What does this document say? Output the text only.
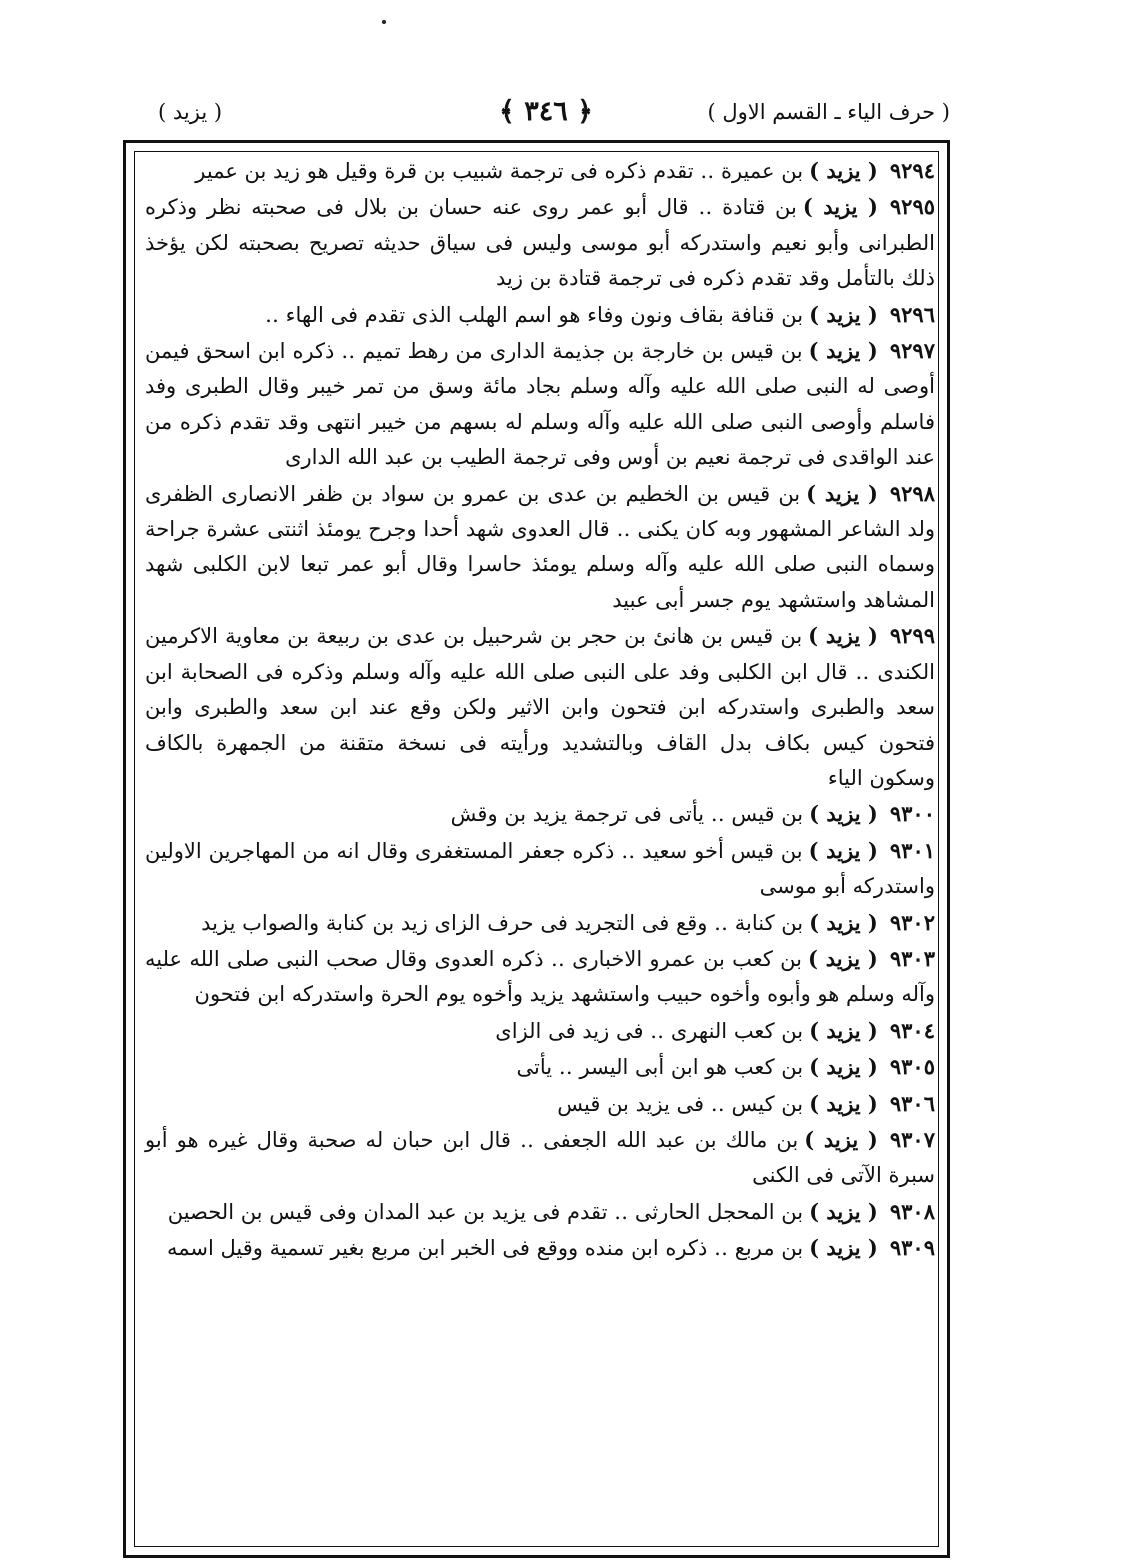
( حرف الياء ـ القسم الاول )
﴿ ٣٤٦ ﴾
( يزيد )

٩٢٩٤( يزيد )بن عميرة ‥ تقدم ذكره فى ترجمة شبيب بن قرة وقيل هو زيد بن عمير

٩٢٩٥( يزيد )بن قتادة ‥ قال أبو عمر روى عنه حسان بن بلال فى صحبته نظر وذكره الطبرانى وأبو نعيم واستدركه أبو موسى وليس فى سياق حديثه تصريح بصحبته لكن يؤخذ ذلك بالتأمل وقد تقدم ذكره فى ترجمة قتادة بن زيد

٩٢٩٦( يزيد )بن قنافة بقاف ونون وفاء هو اسم الهلب الذى تقدم فى الهاء ‥

٩٢٩٧( يزيد )بن قيس بن خارجة بن جذيمة الدارى من رهط تميم ‥ ذكره ابن اسحق فيمن أوصى له النبى صلى الله عليه وآله وسلم بجاد مائة وسق من تمر خيبر وقال الطبرى وفد فاسلم وأوصى النبى صلى الله عليه وآله وسلم له بسهم من خيبر انتهى وقد تقدم ذكره من عند الواقدى فى ترجمة نعيم بن أوس وفى ترجمة الطيب بن عبد الله الدارى

٩٢٩٨( يزيد )بن قيس بن الخطيم بن عدى بن عمرو بن سواد بن ظفر الانصارى الظفرى ولد الشاعر المشهور وبه كان يكنى ‥ قال العدوى شهد أحدا وجرح يومئذ اثنتى عشرة جراحة وسماه النبى صلى الله عليه وآله وسلم يومئذ حاسرا وقال أبو عمر تبعا لابن الكلبى شهد المشاهد واستشهد يوم جسر أبى عبيد

٩٢٩٩( يزيد )بن قيس بن هانئ بن حجر بن شرحبيل بن عدى بن ربيعة بن معاوية الاكرمين الكندى ‥ قال ابن الكلبى وفد على النبى صلى الله عليه وآله وسلم وذكره فى الصحابة ابن سعد والطبرى واستدركه ابن فتحون وابن الاثير ولكن وقع عند ابن سعد والطبرى وابن فتحون كيس بكاف بدل القاف وبالتشديد ورأيته فى نسخة متقنة من الجمهرة بالكاف وسكون الياء

٩٣٠٠( يزيد )بن قيس ‥ يأتى فى ترجمة يزيد بن وقش

٩٣٠١( يزيد )بن قيس أخو سعيد ‥ ذكره جعفر المستغفرى وقال انه من المهاجرين الاولين واستدركه أبو موسى

٩٣٠٢( يزيد )بن كنابة ‥ وقع فى التجريد فى حرف الزاى زيد بن كنابة والصواب يزيد

٩٣٠٣( يزيد )بن كعب بن عمرو الاخبارى ‥ ذكره العدوى وقال صحب النبى صلى الله عليه وآله وسلم هو وأبوه وأخوه حبيب واستشهد يزيد وأخوه يوم الحرة واستدركه ابن فتحون

٩٣٠٤( يزيد )بن كعب النهرى ‥ فى زيد فى الزاى

٩٣٠٥( يزيد )بن كعب هو ابن أبى اليسر ‥ يأتى

٩٣٠٦( يزيد )بن كيس ‥ فى يزيد بن قيس

٩٣٠٧( يزيد )بن مالك بن عبد الله الجعفى ‥ قال ابن حبان له صحبة وقال غيره هو أبو سبرة الآتى فى الكنى

٩٣٠٨( يزيد )بن المحجل الحارثى ‥ تقدم فى يزيد بن عبد المدان وفى قيس بن الحصين

٩٣٠٩( يزيد )بن مربع ‥ ذكره ابن منده ووقع فى الخبر ابن مربع بغير تسمية وقيل اسمه
